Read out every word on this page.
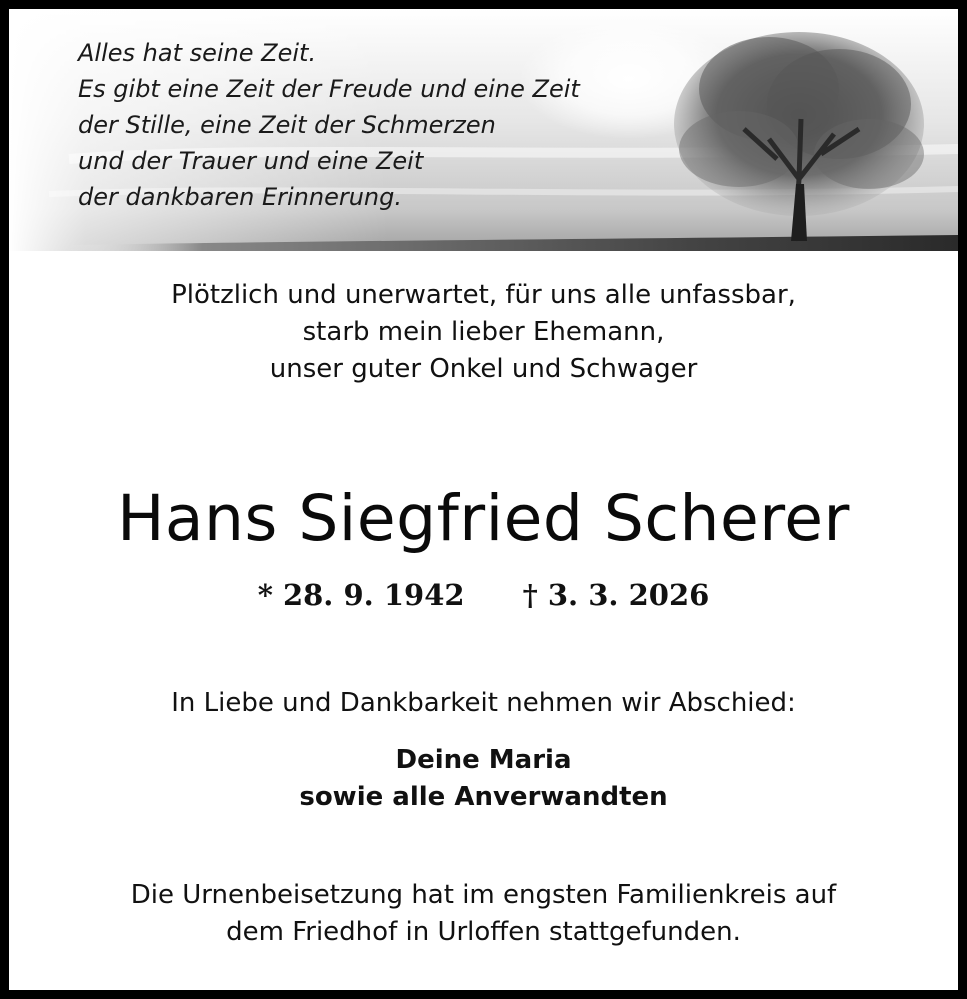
Alles hat seine Zeit.
Es gibt eine Zeit der Freude und eine Zeit
der Stille, eine Zeit der Schmerzen
und der Trauer und eine Zeit
der dankbaren Erinnerung.
Plötzlich und unerwartet, für uns alle unfassbar,
starb mein lieber Ehemann,
unser guter Onkel und Schwager
Hans Siegfried Scherer
* 28. 9. 1942 † 3. 3. 2026
In Liebe und Dankbarkeit nehmen wir Abschied:
Deine Maria
sowie alle Anverwandten
Die Urnenbeisetzung hat im engsten Familienkreis auf
dem Friedhof in Urloffen stattgefunden.
